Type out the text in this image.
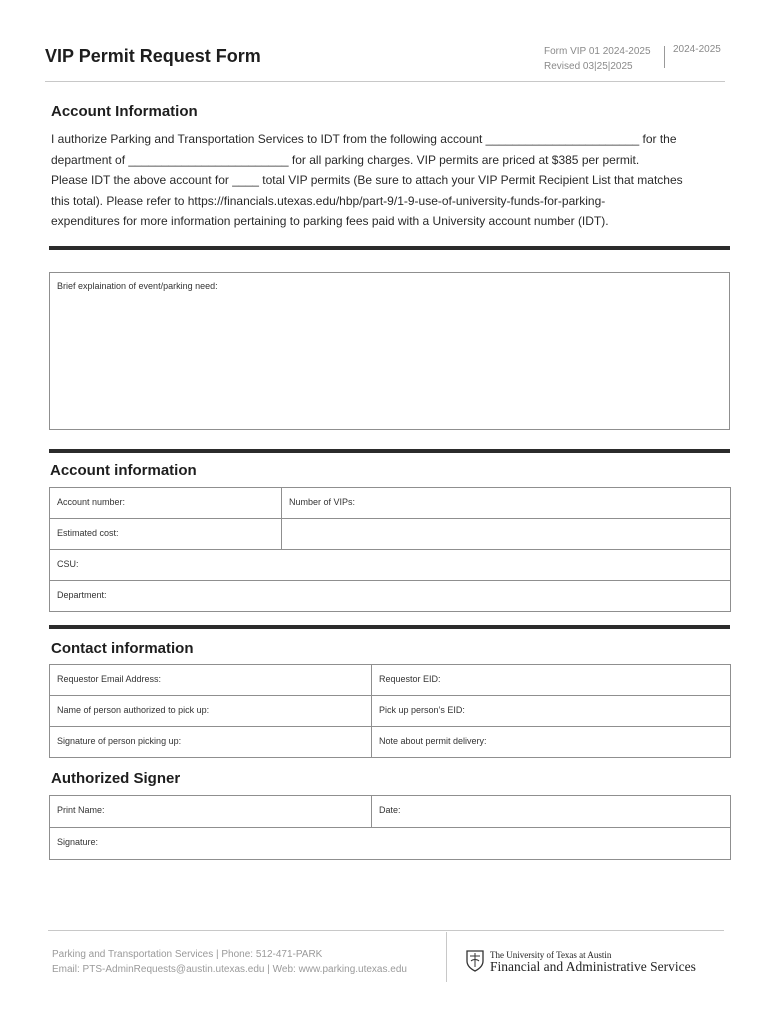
VIP Permit Request Form	Form VIP 01 2024-2025
Revised 03|25|2025
2024-2025
Account Information
I authorize Parking and Transportation Services to IDT from the following account _______________________ for the
department of ________________________ for all parking charges. VIP permits are priced at $385 per permit.
Please IDT the above account for ____ total VIP permits (Be sure to attach your VIP Permit Recipient List that matches
this total). Please refer to https://financials.utexas.edu/hbp/part-9/1-9-use-of-university-funds-for-parking-
expenditures for more information pertaining to parking fees paid with a University account number (IDT).
Brief explaination of event/parking need:
Account information
Account number:	Number of VIPs:
Estimated cost:	
CSU:	
Department:	
Contact information
Requestor Email Address:	Requestor EID:
Name of person authorized to pick up:	Pick up person’s EID:
Signature of person picking up:	Note about permit delivery:
Authorized Signer
Print Name:	Date:
Signature:
Parking and Transportation Services | Phone: 512-471-PARK
Email: PTS-AdminRequests@austin.utexas.edu | Web: www.parking.utexas.edu
The University of Texas at Austin
Financial and Administrative Services
